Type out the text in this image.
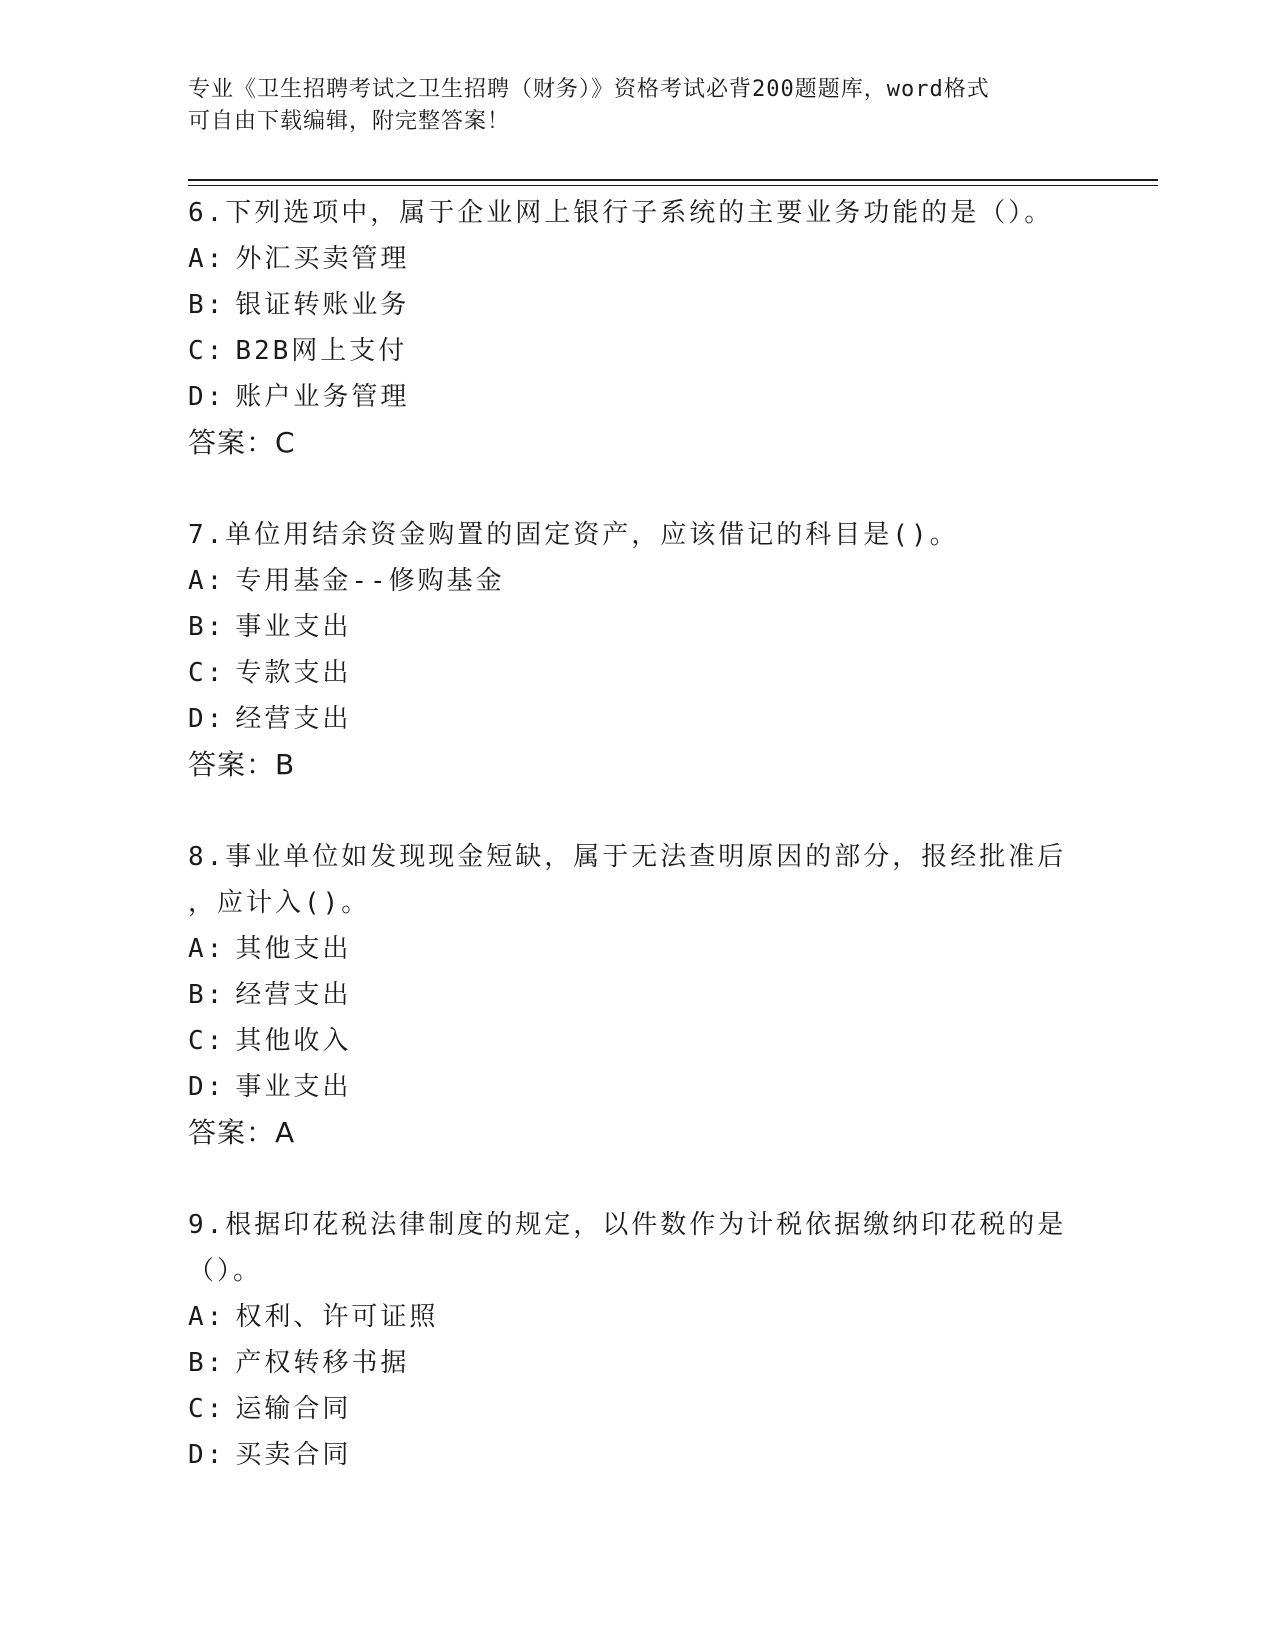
专业《卫生招聘考试之卫生招聘（财务）》资格考试必背200题题库，word格式
可自由下载编辑，附完整答案！
6.下列选项中，属于企业网上银行子系统的主要业务功能的是（）。
A: 外汇买卖管理
B: 银证转账业务
C: B2B网上支付
D: 账户业务管理
答案：C
7.单位用结余资金购置的固定资产，应该借记的科目是()。
A: 专用基金--修购基金
B: 事业支出
C: 专款支出
D: 经营支出
答案：B
8.事业单位如发现现金短缺，属于无法查明原因的部分，报经批准后
，应计入()。
A: 其他支出
B: 经营支出
C: 其他收入
D: 事业支出
答案：A
9.根据印花税法律制度的规定，以件数作为计税依据缴纳印花税的是
（）。
A: 权利、许可证照
B: 产权转移书据
C: 运输合同
D: 买卖合同
